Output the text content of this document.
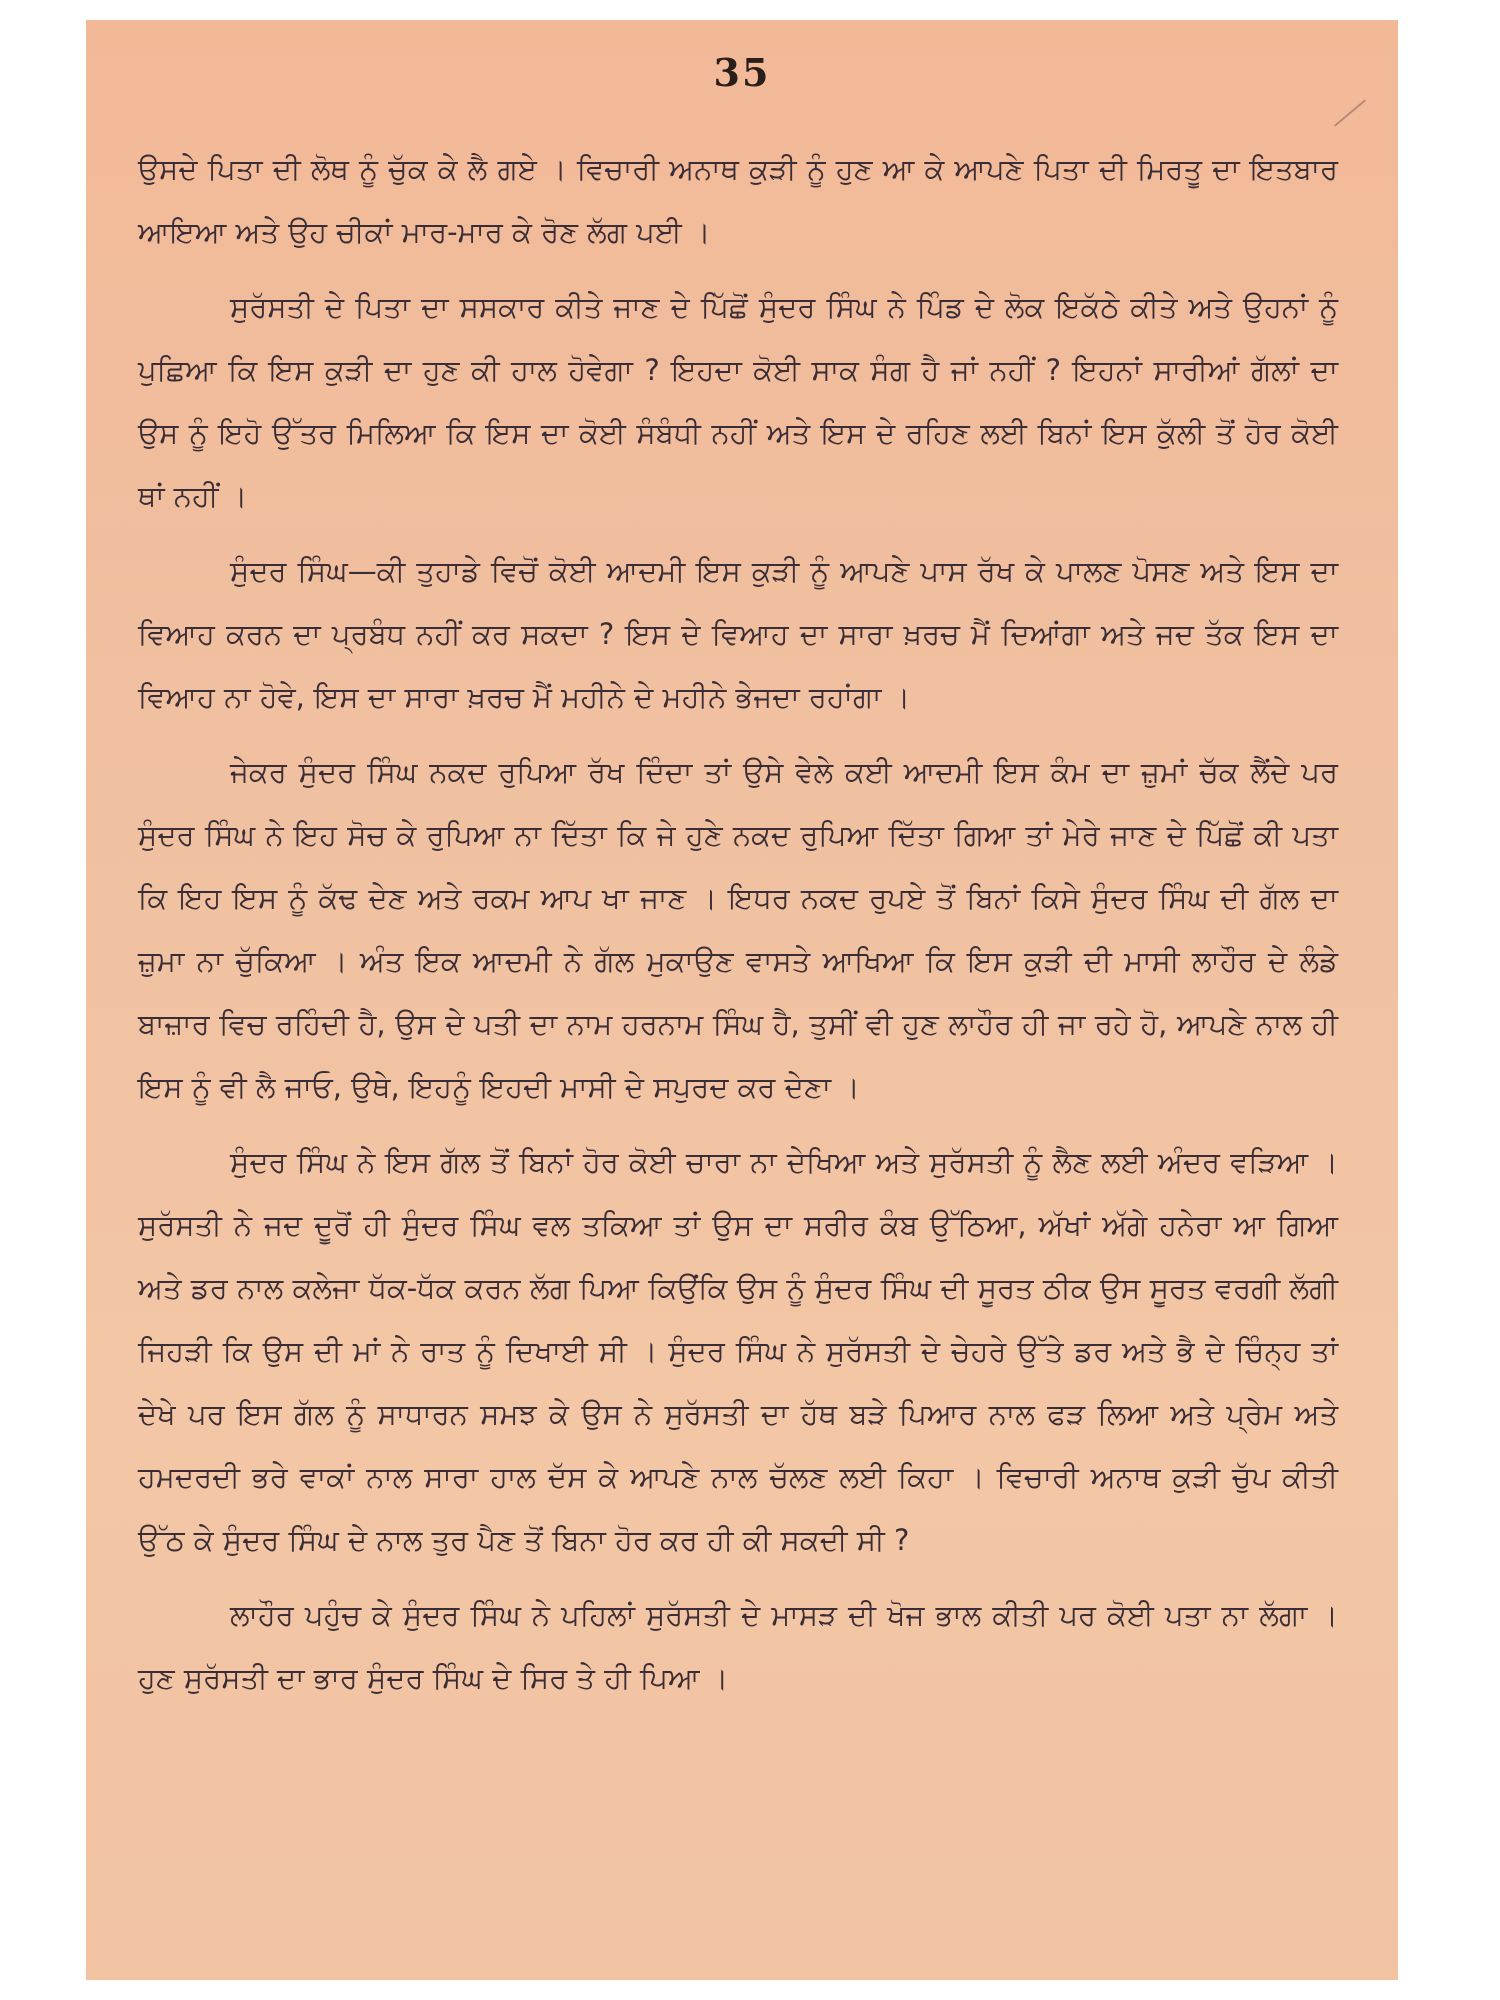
35

ਉਸਦੇ ਪਿਤਾ ਦੀ ਲੋਥ ਨੂੰ ਚੁੱਕ ਕੇ ਲੈ ਗਏ । ਵਿਚਾਰੀ ਅਨਾਥ ਕੁੜੀ ਨੂੰ ਹੁਣ ਆ ਕੇ ਆਪਣੇ ਪਿਤਾ ਦੀ ਮਿਰਤੂ ਦਾ ਇਤਬਾਰ ਆਇਆ ਅਤੇ ਉਹ ਚੀਕਾਂ ਮਾਰ-ਮਾਰ ਕੇ ਰੋਣ ਲੱਗ ਪਈ ।

ਸੁਰੱਸਤੀ ਦੇ ਪਿਤਾ ਦਾ ਸਸਕਾਰ ਕੀਤੇ ਜਾਣ ਦੇ ਪਿੱਛੋਂ ਸੁੰਦਰ ਸਿੰਘ ਨੇ ਪਿੰਡ ਦੇ ਲੋਕ ਇਕੱਠੇ ਕੀਤੇ ਅਤੇ ਉਹਨਾਂ ਨੂੰ ਪੁਛਿਆ ਕਿ ਇਸ ਕੁੜੀ ਦਾ ਹੁਣ ਕੀ ਹਾਲ ਹੋਵੇਗਾ ? ਇਹਦਾ ਕੋਈ ਸਾਕ ਸੰਗ ਹੈ ਜਾਂ ਨਹੀਂ ? ਇਹਨਾਂ ਸਾਰੀਆਂ ਗੱਲਾਂ ਦਾ ਉਸ ਨੂੰ ਇਹੋ ਉੱਤਰ ਮਿਲਿਆ ਕਿ ਇਸ ਦਾ ਕੋਈ ਸੰਬੰਧੀ ਨਹੀਂ ਅਤੇ ਇਸ ਦੇ ਰਹਿਣ ਲਈ ਬਿਨਾਂ ਇਸ ਕੁੱਲੀ ਤੋਂ ਹੋਰ ਕੋਈ ਥਾਂ ਨਹੀਂ ।

ਸੁੰਦਰ ਸਿੰਘ—ਕੀ ਤੁਹਾਡੇ ਵਿਚੋਂ ਕੋਈ ਆਦਮੀ ਇਸ ਕੁੜੀ ਨੂੰ ਆਪਣੇ ਪਾਸ ਰੱਖ ਕੇ ਪਾਲਣ ਪੋਸਣ ਅਤੇ ਇਸ ਦਾ ਵਿਆਹ ਕਰਨ ਦਾ ਪ੍ਰਬੰਧ ਨਹੀਂ ਕਰ ਸਕਦਾ ? ਇਸ ਦੇ ਵਿਆਹ ਦਾ ਸਾਰਾ ਖ਼ਰਚ ਮੈਂ ਦਿਆਂਗਾ ਅਤੇ ਜਦ ਤੱਕ ਇਸ ਦਾ ਵਿਆਹ ਨਾ ਹੋਵੇ, ਇਸ ਦਾ ਸਾਰਾ ਖ਼ਰਚ ਮੈਂ ਮਹੀਨੇ ਦੇ ਮਹੀਨੇ ਭੇਜਦਾ ਰਹਾਂਗਾ ।

ਜੇਕਰ ਸੁੰਦਰ ਸਿੰਘ ਨਕਦ ਰੁਪਿਆ ਰੱਖ ਦਿੰਦਾ ਤਾਂ ਉਸੇ ਵੇਲੇ ਕਈ ਆਦਮੀ ਇਸ ਕੰਮ ਦਾ ਜ਼ੁਮਾਂ ਚੱਕ ਲੈਂਦੇ ਪਰ ਸੁੰਦਰ ਸਿੰਘ ਨੇ ਇਹ ਸੋਚ ਕੇ ਰੁਪਿਆ ਨਾ ਦਿੱਤਾ ਕਿ ਜੇ ਹੁਣੇ ਨਕਦ ਰੁਪਿਆ ਦਿੱਤਾ ਗਿਆ ਤਾਂ ਮੇਰੇ ਜਾਣ ਦੇ ਪਿੱਛੋਂ ਕੀ ਪਤਾ ਕਿ ਇਹ ਇਸ ਨੂੰ ਕੱਢ ਦੇਣ ਅਤੇ ਰਕਮ ਆਪ ਖਾ ਜਾਣ । ਇਧਰ ਨਕਦ ਰੁਪਏ ਤੋਂ ਬਿਨਾਂ ਕਿਸੇ ਸੁੰਦਰ ਸਿੰਘ ਦੀ ਗੱਲ ਦਾ ਜ਼ੁਮਾ ਨਾ ਚੁੱਕਿਆ । ਅੰਤ ਇਕ ਆਦਮੀ ਨੇ ਗੱਲ ਮੁਕਾਉਣ ਵਾਸਤੇ ਆਖਿਆ ਕਿ ਇਸ ਕੁੜੀ ਦੀ ਮਾਸੀ ਲਾਹੌਰ ਦੇ ਲੰਡੇ ਬਾਜ਼ਾਰ ਵਿਚ ਰਹਿੰਦੀ ਹੈ, ਉਸ ਦੇ ਪਤੀ ਦਾ ਨਾਮ ਹਰਨਾਮ ਸਿੰਘ ਹੈ, ਤੁਸੀਂ ਵੀ ਹੁਣ ਲਾਹੌਰ ਹੀ ਜਾ ਰਹੇ ਹੋ, ਆਪਣੇ ਨਾਲ ਹੀ ਇਸ ਨੂੰ ਵੀ ਲੈ ਜਾਓ, ਉਥੇ, ਇਹਨੂੰ ਇਹਦੀ ਮਾਸੀ ਦੇ ਸਪੁਰਦ ਕਰ ਦੇਣਾ ।

ਸੁੰਦਰ ਸਿੰਘ ਨੇ ਇਸ ਗੱਲ ਤੋਂ ਬਿਨਾਂ ਹੋਰ ਕੋਈ ਚਾਰਾ ਨਾ ਦੇਖਿਆ ਅਤੇ ਸੁਰੱਸਤੀ ਨੂੰ ਲੈਣ ਲਈ ਅੰਦਰ ਵੜਿਆ । ਸੁਰੱਸਤੀ ਨੇ ਜਦ ਦੂਰੋਂ ਹੀ ਸੁੰਦਰ ਸਿੰਘ ਵਲ ਤਕਿਆ ਤਾਂ ਉਸ ਦਾ ਸਰੀਰ ਕੰਬ ਉੱਠਿਆ, ਅੱਖਾਂ ਅੱਗੇ ਹਨੇਰਾ ਆ ਗਿਆ ਅਤੇ ਡਰ ਨਾਲ ਕਲੇਜਾ ਧੱਕ-ਧੱਕ ਕਰਨ ਲੱਗ ਪਿਆ ਕਿਉਂਕਿ ਉਸ ਨੂੰ ਸੁੰਦਰ ਸਿੰਘ ਦੀ ਸੂਰਤ ਠੀਕ ਉਸ ਸੂਰਤ ਵਰਗੀ ਲੱਗੀ ਜਿਹੜੀ ਕਿ ਉਸ ਦੀ ਮਾਂ ਨੇ ਰਾਤ ਨੂੰ ਦਿਖਾਈ ਸੀ । ਸੁੰਦਰ ਸਿੰਘ ਨੇ ਸੁਰੱਸਤੀ ਦੇ ਚੇਹਰੇ ਉੱਤੇ ਡਰ ਅਤੇ ਭੈ ਦੇ ਚਿੰਨ੍ਹ ਤਾਂ ਦੇਖੇ ਪਰ ਇਸ ਗੱਲ ਨੂੰ ਸਾਧਾਰਨ ਸਮਝ ਕੇ ਉਸ ਨੇ ਸੁਰੱਸਤੀ ਦਾ ਹੱਥ ਬੜੇ ਪਿਆਰ ਨਾਲ ਫੜ ਲਿਆ ਅਤੇ ਪ੍ਰੇਮ ਅਤੇ ਹਮਦਰਦੀ ਭਰੇ ਵਾਕਾਂ ਨਾਲ ਸਾਰਾ ਹਾਲ ਦੱਸ ਕੇ ਆਪਣੇ ਨਾਲ ਚੱਲਣ ਲਈ ਕਿਹਾ । ਵਿਚਾਰੀ ਅਨਾਥ ਕੁੜੀ ਚੁੱਪ ਕੀਤੀ ਉੱਠ ਕੇ ਸੁੰਦਰ ਸਿੰਘ ਦੇ ਨਾਲ ਤੁਰ ਪੈਣ ਤੋਂ ਬਿਨਾ ਹੋਰ ਕਰ ਹੀ ਕੀ ਸਕਦੀ ਸੀ ?

ਲਾਹੌਰ ਪਹੁੰਚ ਕੇ ਸੁੰਦਰ ਸਿੰਘ ਨੇ ਪਹਿਲਾਂ ਸੁਰੱਸਤੀ ਦੇ ਮਾਸੜ ਦੀ ਖੋਜ ਭਾਲ ਕੀਤੀ ਪਰ ਕੋਈ ਪਤਾ ਨਾ ਲੱਗਾ । ਹੁਣ ਸੁਰੱਸਤੀ ਦਾ ਭਾਰ ਸੁੰਦਰ ਸਿੰਘ ਦੇ ਸਿਰ ਤੇ ਹੀ ਪਿਆ ।
